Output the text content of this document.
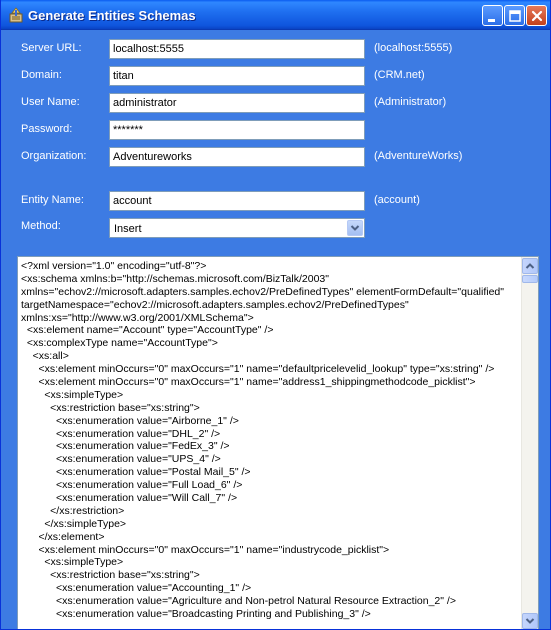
Generate Entities Schemas
Server URL:	localhost:5555	(localhost:5555)
Domain:	titan	(CRM.net)
User Name:	administrator	(Administrator)
Password:	*******
Organization:	Adventureworks	(AdventureWorks)
Entity Name:	account	(account)
Method:	Insert
<?xml version="1.0" encoding="utf-8"?>
<xs:schema xmlns:b="http://schemas.microsoft.com/BizTalk/2003"
xmlns="echov2://microsoft.adapters.samples.echov2/PreDefinedTypes" elementFormDefault="qualified"
targetNamespace="echov2://microsoft.adapters.samples.echov2/PreDefinedTypes"
xmlns:xs="http://www.w3.org/2001/XMLSchema">
<xs:element name="Account" type="AccountType" />
<xs:complexType name="AccountType">
<xs:all>
<xs:element minOccurs="0" maxOccurs="1" name="defaultpricelevelid_lookup" type="xs:string" />
<xs:element minOccurs="0" maxOccurs="1" name="address1_shippingmethodcode_picklist">
<xs:simpleType>
<xs:restriction base="xs:string">
<xs:enumeration value="Airborne_1" />
<xs:enumeration value="DHL_2" />
<xs:enumeration value="FedEx_3" />
<xs:enumeration value="UPS_4" />
<xs:enumeration value="Postal Mail_5" />
<xs:enumeration value="Full Load_6" />
<xs:enumeration value="Will Call_7" />
</xs:restriction>
</xs:simpleType>
</xs:element>
<xs:element minOccurs="0" maxOccurs="1" name="industrycode_picklist">
<xs:simpleType>
<xs:restriction base="xs:string">
<xs:enumeration value="Accounting_1" />
<xs:enumeration value="Agriculture and Non-petrol Natural Resource Extraction_2" />
<xs:enumeration value="Broadcasting Printing and Publishing_3" />
